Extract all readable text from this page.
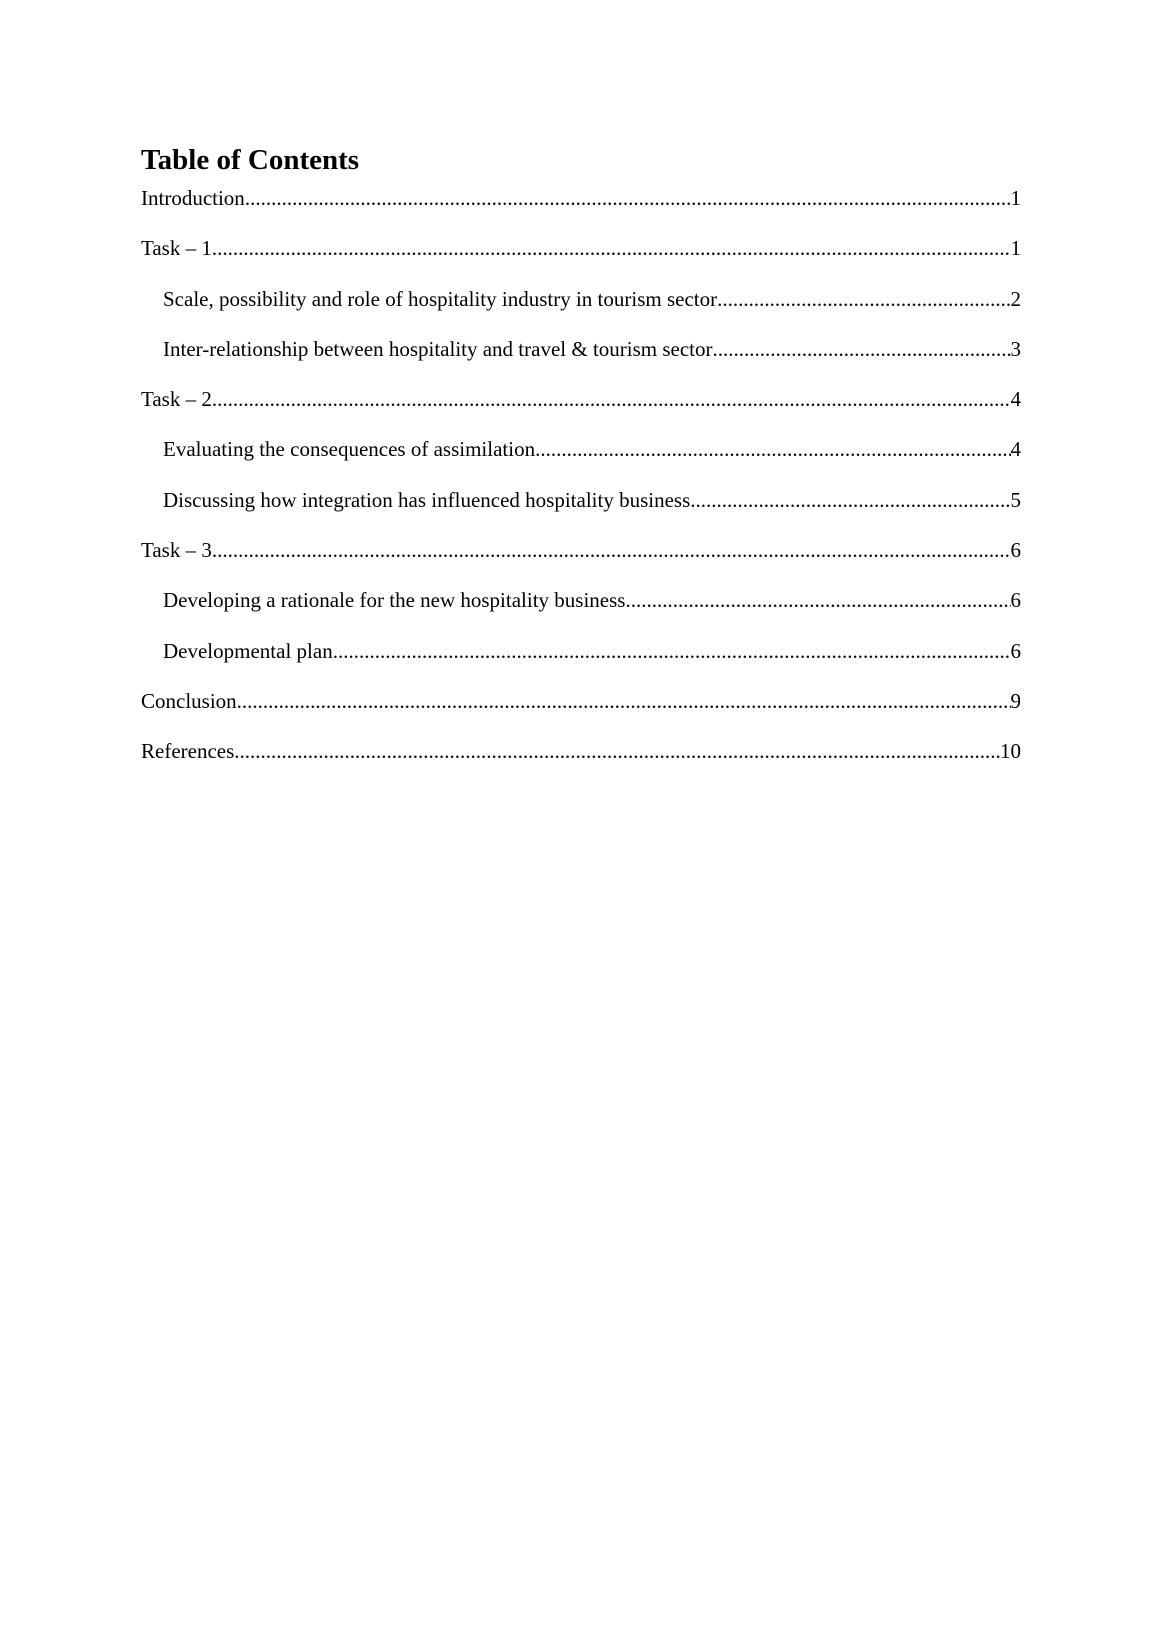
Table of Contents
Introduction .....	1
Task – 1 .....	1
Scale, possibility and role of hospitality industry in tourism sector .....	2
Inter-relationship between hospitality and travel & tourism sector .....	3
Task – 2 .....	4
Evaluating the consequences of assimilation .....	4
Discussing how integration has influenced hospitality business .....	5
Task – 3 .....	6
Developing a rationale for the new hospitality business .....	6
Developmental plan .....	6
Conclusion .....	9
References .....	10
